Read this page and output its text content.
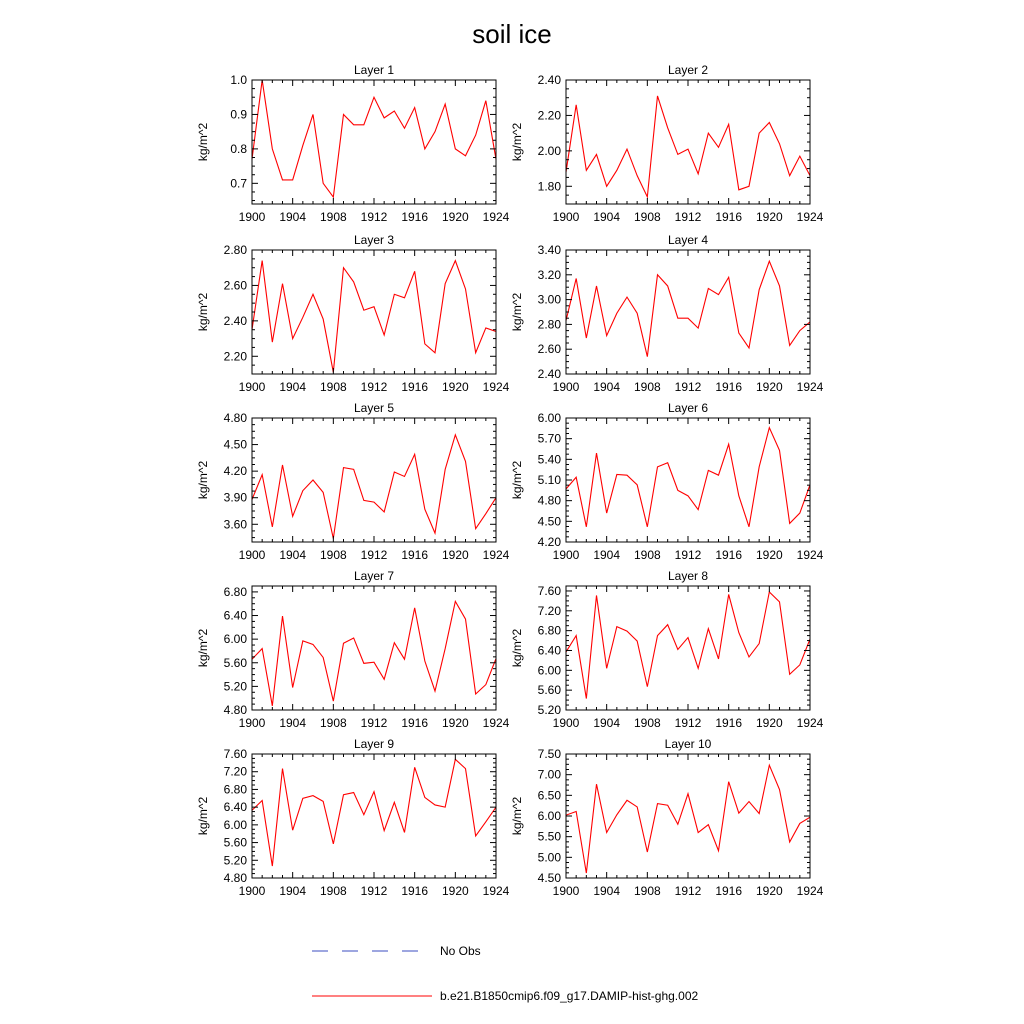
soil ice
Layer 1
kg/m^2
1900 1904 1908 1912 1916 1920 1924
0.7
0.8
0.9
1.0
Layer 2
kg/m^2
1900 1904 1908 1912 1916 1920 1924
1.80
2.00
2.20
2.40
Layer 3
kg/m^2
1900 1904 1908 1912 1916 1920 1924
2.20
2.40
2.60
2.80
Layer 4
kg/m^2
1900 1904 1908 1912 1916 1920 1924
2.40
2.60
2.80
3.00
3.20
3.40
Layer 5
kg/m^2
1900 1904 1908 1912 1916 1920 1924
3.60
3.90
4.20
4.50
4.80
Layer 6
kg/m^2
1900 1904 1908 1912 1916 1920 1924
4.20
4.50
4.80
5.10
5.40
5.70
6.00
Layer 7
kg/m^2
1900 1904 1908 1912 1916 1920 1924
4.80
5.20
5.60
6.00
6.40
6.80
Layer 8
kg/m^2
1900 1904 1908 1912 1916 1920 1924
5.20
5.60
6.00
6.40
6.80
7.20
7.60
Layer 9
kg/m^2
1900 1904 1908 1912 1916 1920 1924
4.80
5.20
5.60
6.00
6.40
6.80
7.20
7.60
Layer 10
kg/m^2
1900 1904 1908 1912 1916 1920 1924
4.50
5.00
5.50
6.00
6.50
7.00
7.50
No Obs
b.e21.B1850cmip6.f09_g17.DAMIP-hist-ghg.002
